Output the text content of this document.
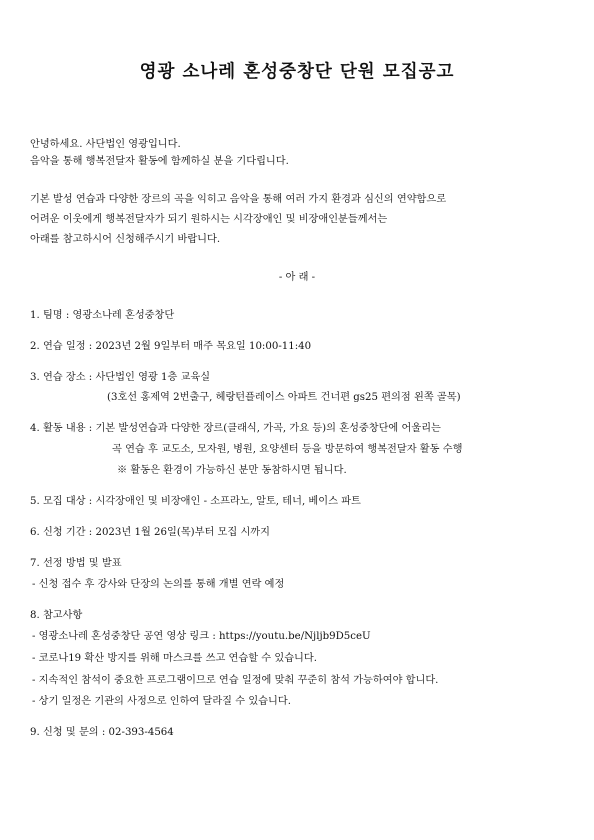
영광 소나레 혼성중창단 단원 모집공고
안녕하세요. 사단법인 영광입니다.
음악을 통해 행복전달자 활동에 함께하실 분을 기다립니다.
기본 발성 연습과 다양한 장르의 곡을 익히고 음악을 통해 여러 가지 환경과 심신의 연약함으로
어려운 이웃에게 행복전달자가 되기 원하시는 시각장애인 및 비장애인분들께서는
아래를 참고하시어 신청해주시기 바랍니다.
- 아 래 -
1. 팀명 : 영광소나레 혼성중창단
2. 연습 일정 : 2023년 2월 9일부터 매주 목요일 10:00-11:40
3. 연습 장소 : 사단법인 영광 1층 교육실
(3호선 홍제역 2번출구, 헤랑턴플레이스 아파트 건너편 gs25 편의점 왼쪽 골목)
4. 활동 내용 : 기본 발성연습과 다양한 장르(클래식, 가곡, 가요 등)의 혼성중창단에 어울리는
곡 연습 후 교도소, 모자원, 병원, 요양센터 등을 방문하여 행복전달자 활동 수행
※ 활동은 환경이 가능하신 분만 동참하시면 됩니다.
5. 모집 대상 : 시각장애인 및 비장애인 - 소프라노, 알토, 테너, 베이스 파트
6. 신청 기간 : 2023년 1월 26일(목)부터 모집 시까지
7. 선정 방법 및 발표
- 신청 접수 후 강사와 단장의 논의를 통해 개별 연락 예정
8. 참고사항
- 영광소나레 혼성중창단 공연 영상 링크 : https://youtu.be/Njljb9D5ceU
- 코로나19 확산 방지를 위해 마스크를 쓰고 연습할 수 있습니다.
- 지속적인 참석이 중요한 프로그램이므로 연습 일정에 맞춰 꾸준히 참석 가능하여야 합니다.
- 상기 일정은 기관의 사정으로 인하여 달라질 수 있습니다.
9. 신청 및 문의 : 02-393-4564
